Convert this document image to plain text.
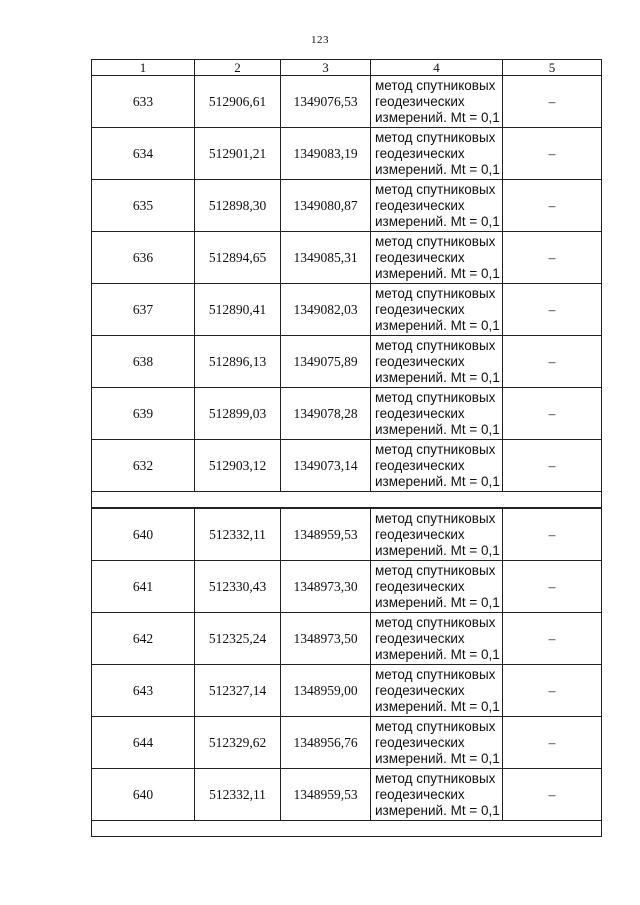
123
1	2	3	4	5
633	512906,61	1349076,53	метод спутниковых
геодезических
измерений. Mt = 0,1	–
634	512901,21	1349083,19	метод спутниковых
геодезических
измерений. Mt = 0,1	–
635	512898,30	1349080,87	метод спутниковых
геодезических
измерений. Mt = 0,1	–
636	512894,65	1349085,31	метод спутниковых
геодезических
измерений. Mt = 0,1	–
637	512890,41	1349082,03	метод спутниковых
геодезических
измерений. Mt = 0,1	–
638	512896,13	1349075,89	метод спутниковых
геодезических
измерений. Mt = 0,1	–
639	512899,03	1349078,28	метод спутниковых
геодезических
измерений. Mt = 0,1	–
632	512903,12	1349073,14	метод спутниковых
геодезических
измерений. Mt = 0,1	–

640	512332,11	1348959,53	метод спутниковых
геодезических
измерений. Mt = 0,1	–
641	512330,43	1348973,30	метод спутниковых
геодезических
измерений. Mt = 0,1	–
642	512325,24	1348973,50	метод спутниковых
геодезических
измерений. Mt = 0,1	–
643	512327,14	1348959,00	метод спутниковых
геодезических
измерений. Mt = 0,1	–
644	512329,62	1348956,76	метод спутниковых
геодезических
измерений. Mt = 0,1	–
640	512332,11	1348959,53	метод спутниковых
геодезических
измерений. Mt = 0,1	–
